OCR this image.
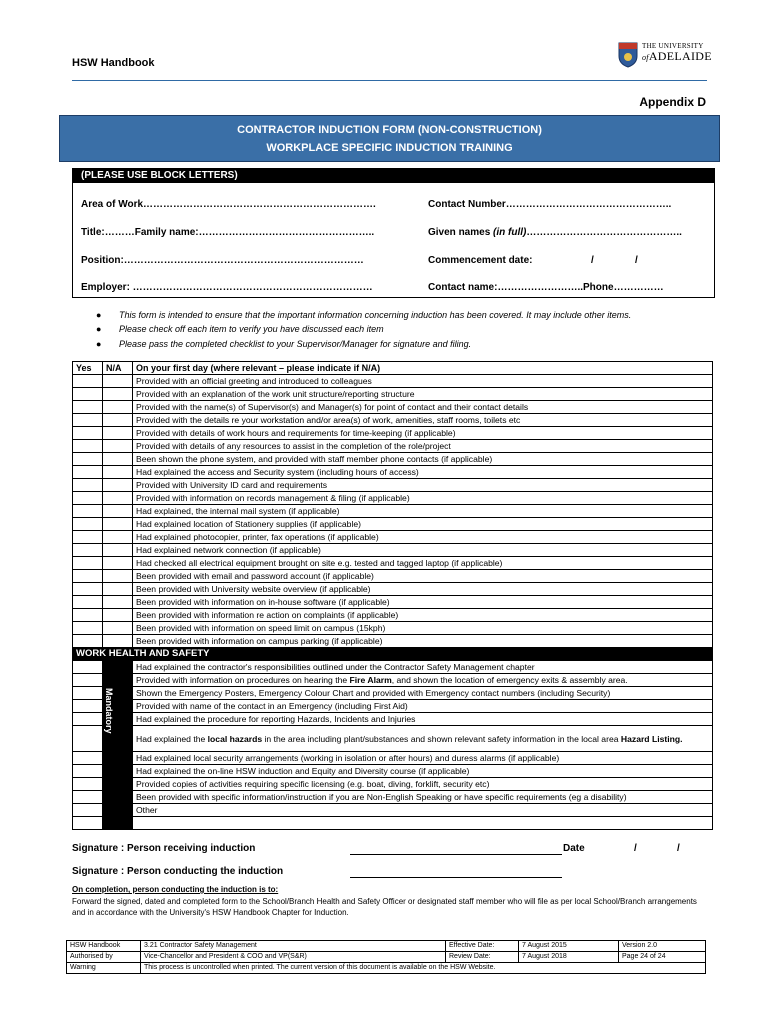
HSW Handbook
THE UNIVERSITY
ofADELAIDE
Appendix D
CONTRACTOR INDUCTION FORM (NON-CONSTRUCTION)
WORKPLACE SPECIFIC INDUCTION TRAINING
(PLEASE USE BLOCK LETTERS)
Area of Work…………………………………………………………….	Contact Number…………………………………………..
Title:………Family name:……………………………………………..	Given names (in full)………………………………………..
Position:………………………………………………………………	Commencement date:	/	/
Employer: ………………………………………………………………	Contact name:……………………..Phone……………
● This form is intended to ensure that the important information concerning induction has been covered. It may include other items.
● Please check off each item to verify you have discussed each item
● Please pass the completed checklist to your Supervisor/Manager for signature and filing.
Yes	N/A	On your first day (where relevant – please indicate if N/A)
		Provided with an official greeting and introduced to colleagues
		Provided with an explanation of the work unit structure/reporting structure
		Provided with the name(s) of Supervisor(s) and Manager(s) for point of contact and their contact details
		Provided with the details re your workstation and/or area(s) of work, amenities, staff rooms, toilets etc
		Provided with details of work hours and requirements for time-keeping (if applicable)
		Provided with details of any resources to assist in the completion of the role/project
		Been shown the phone system, and provided with staff member phone contacts (if applicable)
		Had explained the access and Security system (including hours of access)
		Provided with University ID card and requirements
		Provided with information on records management & filing (if applicable)
		Had explained, the internal mail system (if applicable)
		Had explained location of Stationery supplies (if applicable)
		Had explained photocopier, printer, fax operations (if applicable)
		Had explained network connection (if applicable)
		Had checked all electrical equipment brought on site e.g. tested and tagged laptop (if applicable)
		Been provided with email and password account (if applicable)
		Been provided with University website overview (if applicable)
		Been provided with information on in-house software (if applicable)
		Been provided with information re action on complaints (if applicable)
		Been provided with information on speed limit on campus (15kph)
		Been provided with information on campus parking (if applicable)
WORK HEALTH AND SAFETY		
		Had explained the contractor's responsibilities outlined under the Contractor Safety Management chapter
		Provided with information on procedures on hearing the Fire Alarm, and shown the location of emergency exits & assembly area.
		Shown the Emergency Posters, Emergency Colour Chart and provided with Emergency contact numbers (including Security)
		Provided with name of the contact in an Emergency (including First Aid)
		Had explained the procedure for reporting Hazards, Incidents and Injuries
		Had explained the local hazards in the area including plant/substances and shown relevant safety information in the local area Hazard Listing.
		Had explained local security arrangements (working in isolation or after hours) and duress alarms (if applicable)
		Had explained the on-line HSW induction and Equity and Diversity course (if applicable)
		Provided copies of activities requiring specific licensing (e.g. boat, diving, forklift, security etc)
		Been provided with specific information/instruction if you are Non-English Speaking or have specific requirements (eg a disability)
		Other

Mandatory
Signature : Person receiving induction	Date	/	/
Signature : Person conducting the induction
On completion, person conducting the induction is to:
Forward the signed, dated and completed form to the School/Branch Health and Safety Officer or designated staff member who will file as per local School/Branch arrangements and in accordance with the University's HSW Handbook Chapter for Induction.
HSW Handbook	3.21 Contractor Safety Management	Effective Date:	7 August 2015	Version 2.0
Authorised by	Vice-Chancellor and President & COO and VP(S&R)	Review Date:	7 August 2018	Page 24 of 24
Warning	This process is uncontrolled when printed. The current version of this document is available on the HSW Website.			
